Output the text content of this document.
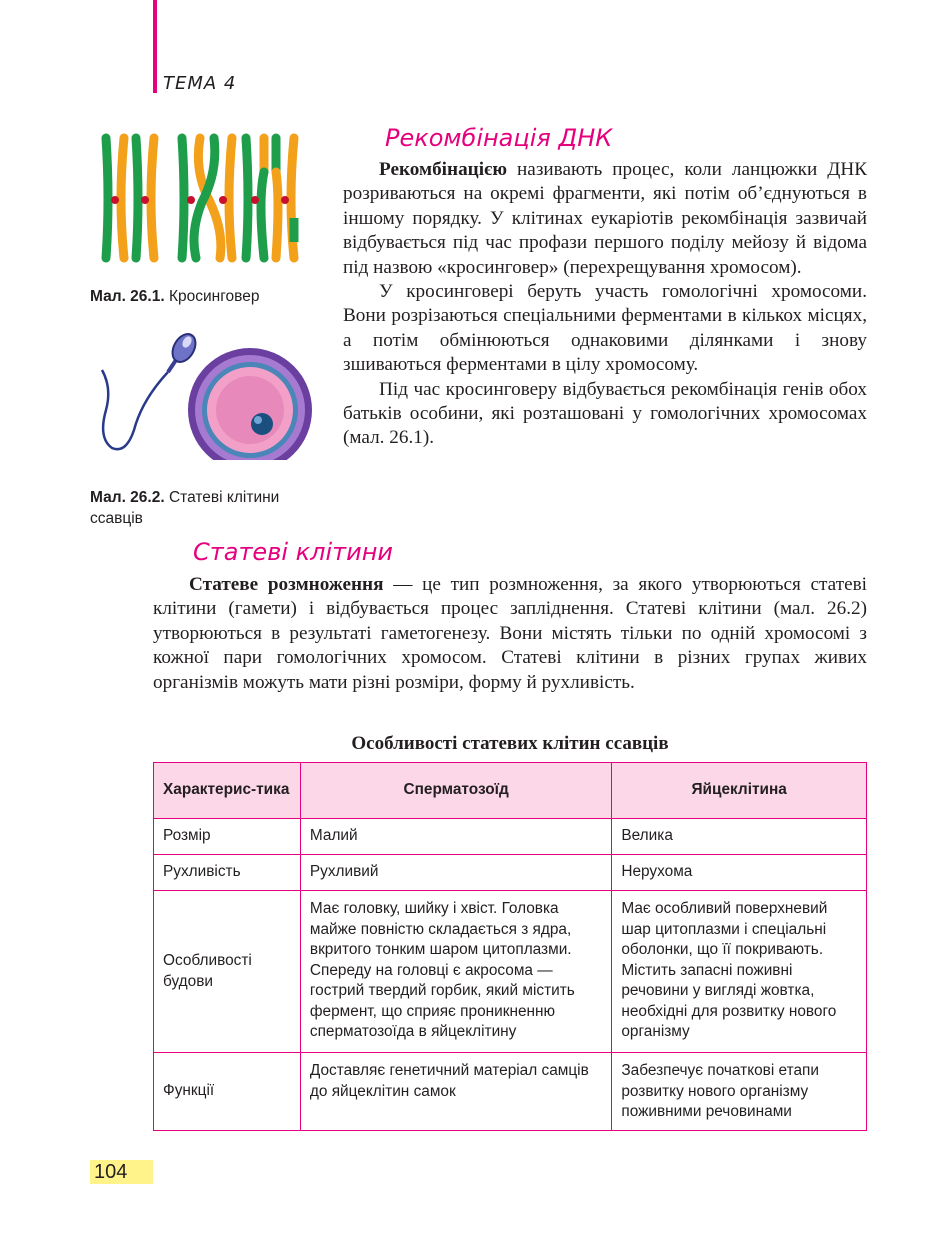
ТЕМА 4
Мал. 26.1. Кросинговер
Мал. 26.2. Статеві клітини ссавців
Рекомбінація ДНК

Рекомбінацією називають процес, коли ланцюжки ДНК розриваються на окремі фрагменти, які потім об’єднуються в іншому порядку. У клітинах еукаріотів рекомбінація зазвичай відбувається під час профази першого поділу мейозу й відома під назвою «кросинговер» (перехрещування хромосом).

У кросинговері беруть участь гомологічні хромосоми. Вони розрізаються спеціальними ферментами в кількох місцях, а потім обмінюються однаковими ділянками і знову зшиваються ферментами в цілу хромосому.

Під час кросинговеру відбувається рекомбінація генів обох батьків особини, які розташовані у гомологічних хромосомах (мал. 26.1).

Статеві клітини

Статеве розмноження — це тип розмноження, за якого утворюються статеві клітини (гамети) і відбувається процес запліднення. Статеві клітини (мал. 26.2) утворюються в результаті гаметогенезу. Вони містять тільки по одній хромосомі з кожної пари гомологічних хромосом. Статеві клітини в різних групах живих організмів можуть мати різні розміри, форму й рухливість.

Особливості статевих клітин ссавців
Характерис-тика	Сперматозоїд	Яйцеклітина
Розмір	Малий	Велика
Рухливість	Рухливий	Нерухома
Особливості будови	Має головку, шийку і хвіст. Головка майже повністю складається з ядра, вкритого тонким шаром цитоплазми. Спереду на головці є акросома — гострий твердий горбик, який містить фермент, що сприяє проникненню сперматозоїда в яйцеклітину	Має особливий поверхневий шар цитоплазми і спеціальні оболонки, що її покривають. Містить запасні поживні речовини у вигляді жовтка, необхідні для розвитку нового організму
Функції	Доставляє генетичний матеріал самців до яйцеклітин самок	Забезпечує початкові етапи розвитку нового організму поживними речовинами
104
